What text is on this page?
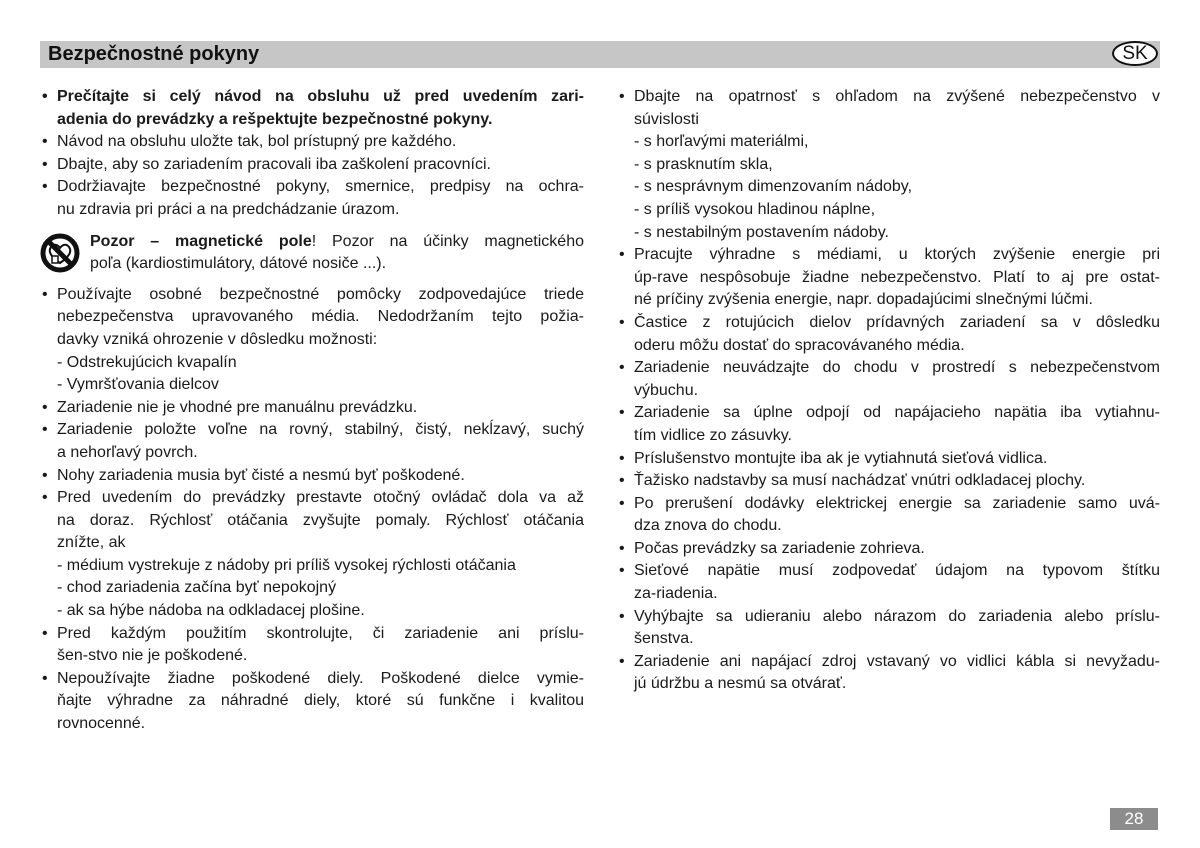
Bezpečnostné pokyny	SK
• Prečítajte si celý návod na obsluhu už pred uvedením zari-
adenia do prevádzky a rešpektujte bezpečnostné pokyny.
• Návod na obsluhu uložte tak, bol prístupný pre každého.
• Dbajte, aby so zariadením pracovali iba zaškolení pracovníci.
• Dodržiavajte bezpečnostné pokyny, smernice, predpisy na ochra-
nu zdravia pri práci a na predchádzanie úrazom.
Pozor – magnetické pole! Pozor na účinky magnetického
poľa (kardiostimulátory, dátové nosiče ...).
• Používajte osobné bezpečnostné pomôcky zodpovedajúce triede
nebezpečenstva upravovaného média. Nedodržaním tejto požia-
davky vzniká ohrozenie v dôsledku možnosti:
- Odstrekujúcich kvapalín
- Vymršťovania dielcov
• Zariadenie nie je vhodné pre manuálnu prevádzku.
• Zariadenie položte voľne na rovný, stabilný, čistý, nekĺzavý, suchý
a nehorľavý povrch.
• Nohy zariadenia musia byť čisté a nesmú byť poškodené.
• Pred uvedením do prevádzky prestavte otočný ovládač dola va až
na doraz. Rýchlosť otáčania zvyšujte pomaly. Rýchlosť otáčania
znížte, ak
- médium vystrekuje z nádoby pri príliš vysokej rýchlosti otáčania
- chod zariadenia začína byť nepokojný
- ak sa hýbe nádoba na odkladacej plošine.
• Pred každým použitím skontrolujte, či zariadenie ani príslu-
šen-stvo nie je poškodené.
• Nepoužívajte žiadne poškodené diely. Poškodené dielce vymie-
ňajte výhradne za náhradné diely, ktoré sú funkčne i kvalitou
rovnocenné.
• Dbajte na opatrnosť s ohľadom na zvýšené nebezpečenstvo v
súvislosti
- s horľavými materiálmi,
- s prasknutím skla,
- s nesprávnym dimenzovaním nádoby,
- s príliš vysokou hladinou náplne,
- s nestabilným postavením nádoby.
• Pracujte výhradne s médiami, u ktorých zvýšenie energie pri
úp-rave nespôsobuje žiadne nebezpečenstvo. Platí to aj pre ostat-
né príčiny zvýšenia energie, napr. dopadajúcimi slnečnými lúčmi.
• Častice z rotujúcich dielov prídavných zariadení sa v dôsledku
oderu môžu dostať do spracovávaného média.
• Zariadenie neuvádzajte do chodu v prostredí s nebezpečenstvom
výbuchu.
• Zariadenie sa úplne odpojí od napájacieho napätia iba vytiahnu-
tím vidlice zo zásuvky.
• Príslušenstvo montujte iba ak je vytiahnutá sieťová vidlica.
• Ťažisko nadstavby sa musí nachádzať vnútri odkladacej plochy.
• Po prerušení dodávky elektrickej energie sa zariadenie samo uvá-
dza znova do chodu.
• Počas prevádzky sa zariadenie zohrieva.
• Sieťové napätie musí zodpovedať údajom na typovom štítku
za-riadenia.
• Vyhýbajte sa udieraniu alebo nárazom do zariadenia alebo príslu-
šenstva.
• Zariadenie ani napájací zdroj vstavaný vo vidlici kábla si nevyžadu-
jú údržbu a nesmú sa otvárať.
28
